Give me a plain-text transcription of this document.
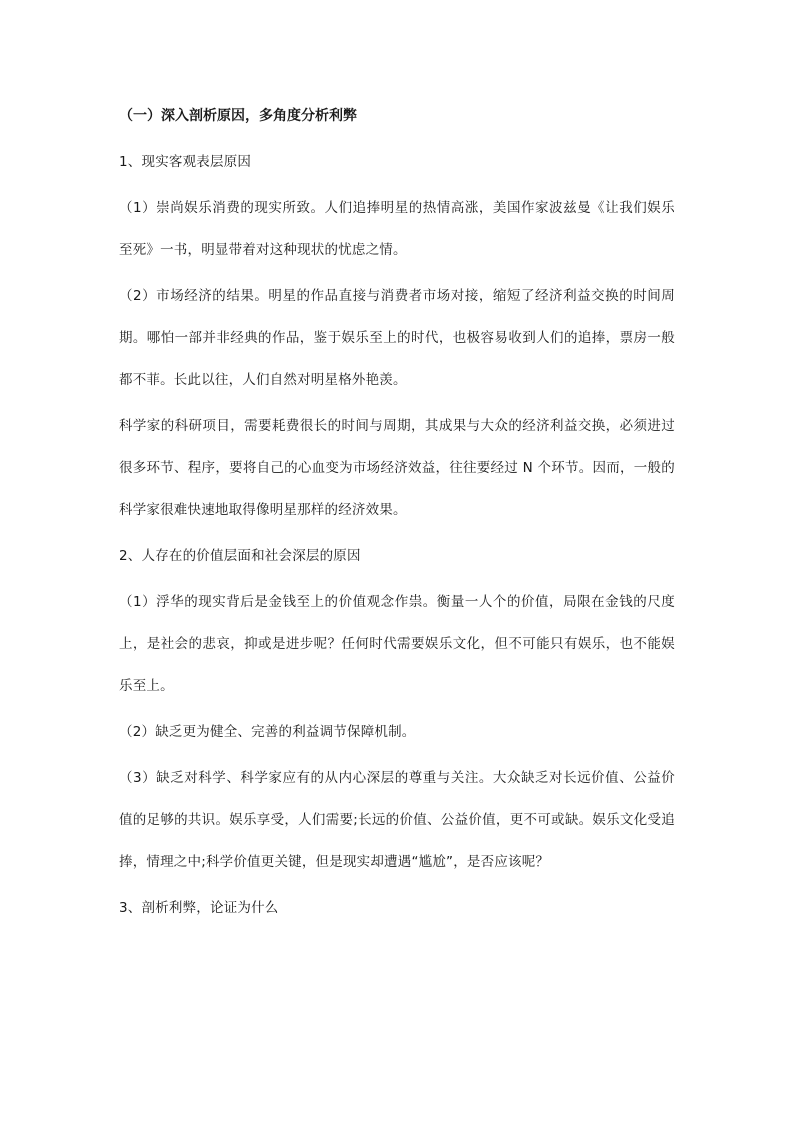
（一）深入剖析原因，多角度分析利弊

1、现实客观表层原因

（1）崇尚娱乐消费的现实所致。人们追捧明星的热情高涨，美国作家波兹曼《让我们娱乐至死》一书，明显带着对这种现状的忧虑之情。

（2）市场经济的结果。明星的作品直接与消费者市场对接，缩短了经济利益交换的时间周期。哪怕一部并非经典的作品，鉴于娱乐至上的时代，也极容易收到人们的追捧，票房一般都不菲。长此以往，人们自然对明星格外艳羡。

科学家的科研项目，需要耗费很长的时间与周期，其成果与大众的经济利益交换，必须进过很多环节、程序，要将自己的心血变为市场经济效益，往往要经过 N 个环节。因而，一般的科学家很难快速地取得像明星那样的经济效果。

2、人存在的价值层面和社会深层的原因

（1）浮华的现实背后是金钱至上的价值观念作祟。衡量一人个的价值，局限在金钱的尺度上，是社会的悲哀，抑或是进步呢？任何时代需要娱乐文化，但不可能只有娱乐，也不能娱乐至上。

（2）缺乏更为健全、完善的利益调节保障机制。

（3）缺乏对科学、科学家应有的从内心深层的尊重与关注。大众缺乏对长远价值、公益价值的足够的共识。娱乐享受，人们需要;长远的价值、公益价值，更不可或缺。娱乐文化受追捧，情理之中;科学价值更关键，但是现实却遭遇“尴尬”，是否应该呢？

3、剖析利弊，论证为什么
